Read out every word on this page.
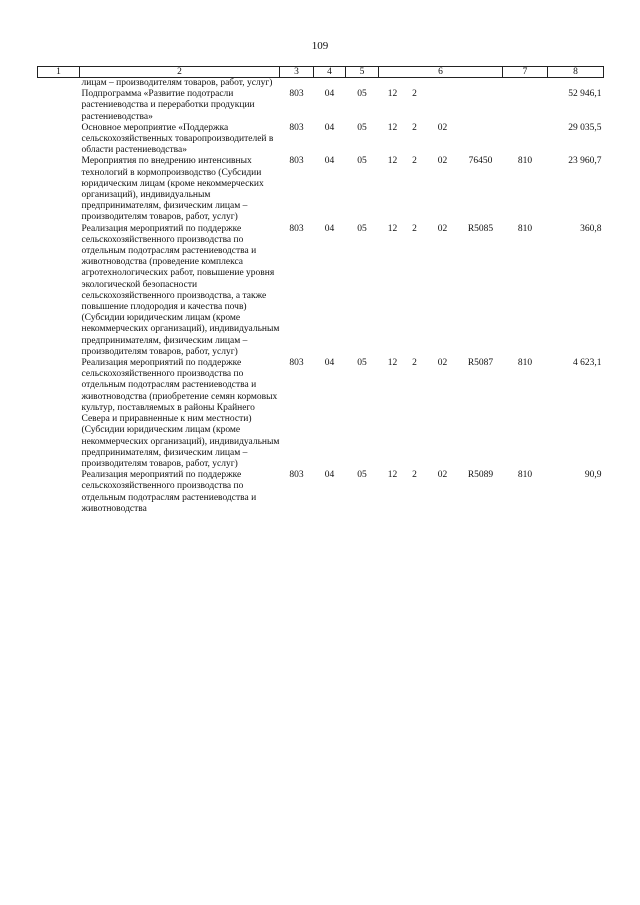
109
1	2	3	4	5	6	7	8
	лицам – производителям товаров, работ, услуг)						
	Подпрограмма «Развитие подотрасли растениеводства и переработки продукции растениеводства»	803	04	05	12 2		52 946,1
	Основное мероприятие «Поддержка сельскохозяйственных товаропроизводителей в области растениеводства»	803	04	05	12 2 02		29 035,5
	Мероприятия по внедрению интенсивных технологий в кормопроизводство (Субсидии юридическим лицам (кроме некоммерческих организаций), индивидуальным предпринимателям, физическим лицам – производителям товаров, работ, услуг)	803	04	05	12 2 02 76450	810	23 960,7
	Реализация мероприятий по поддержке сельскохозяйственного производства по отдельным подотраслям растениеводства и животноводства (проведение комплекса агротехнологических работ, повышение уровня экологической безопасности сельскохозяйственного производства, а также повышение плодородия и качества почв) (Субсидии юридическим лицам (кроме некоммерческих организаций), индивидуальным предпринимателям, физическим лицам – производителям товаров, работ, услуг)	803	04	05	12 2 02 R5085	810	360,8
	Реализация мероприятий по поддержке сельскохозяйственного производства по отдельным подотраслям растениеводства и животноводства (приобретение семян кормовых культур, поставляемых в районы Крайнего Севера и приравненные к ним местности) (Субсидии юридическим лицам (кроме некоммерческих организаций), индивидуальным предпринимателям, физическим лицам – производителям товаров, работ, услуг)	803	04	05	12 2 02 R5087	810	4 623,1
	Реализация мероприятий по поддержке сельскохозяйственного производства по отдельным подотраслям растениеводства и животноводства	803	04	05	12 2 02 R5089	810	90,9
